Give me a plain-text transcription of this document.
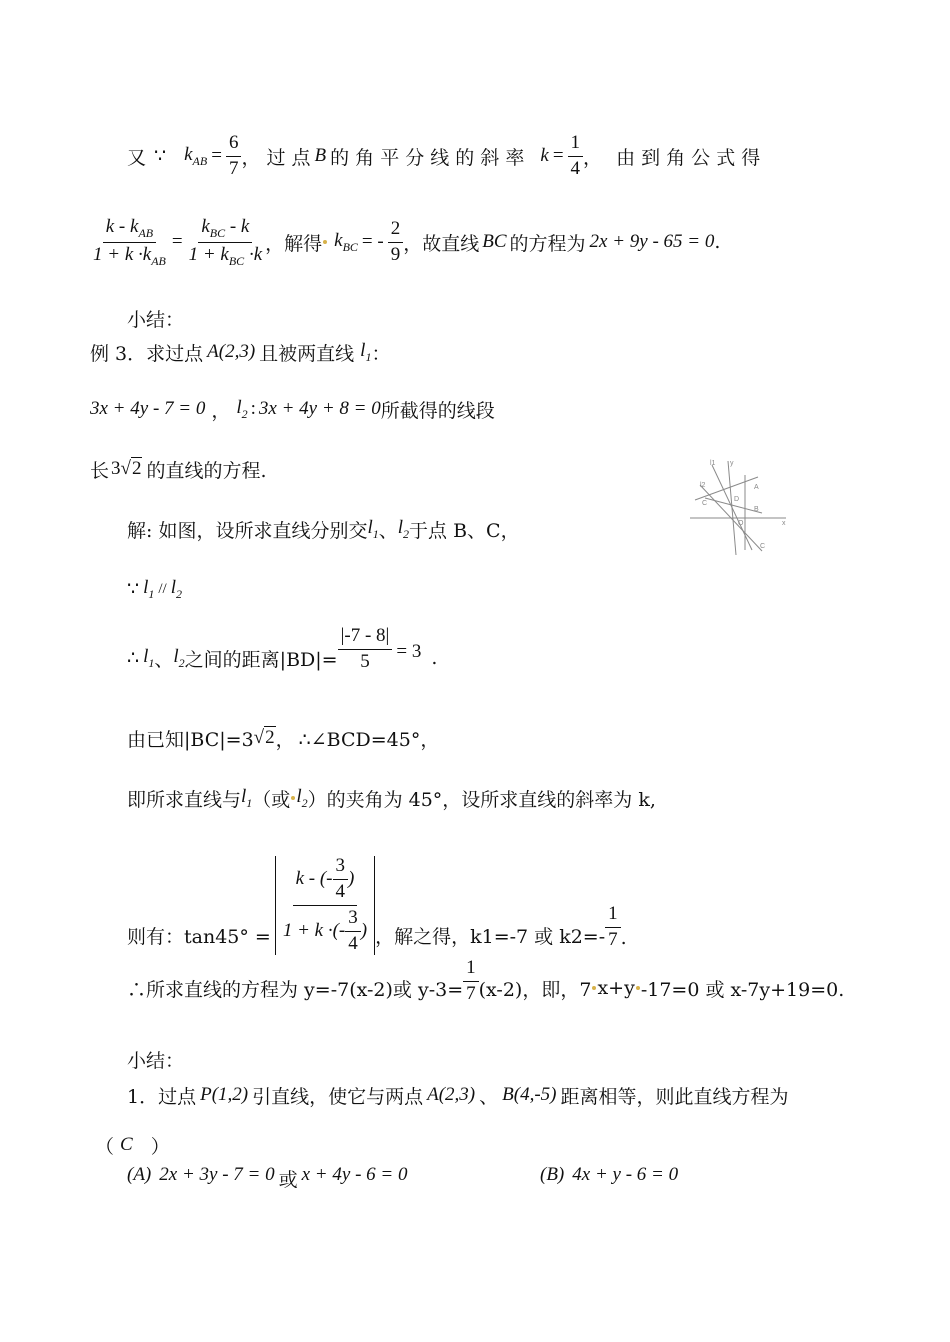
又 ∵ $k_{AB} = \frac{6}{7}$ ， 过 点 B 的 角 平 分 线 的 斜 率 $k = \frac{1}{4}$ ， 由 到 角 公 式 得
$\frac{k - k_{AB}}{1 + k \cdot k_{AB}} = \frac{k_{BC} - k}{1 + k_{BC} \cdot k}$ ，解得 $k_{BC}$ = - $\frac{2}{9}$ ，故直线 BC 的方程为 2x + 9y - 65 = 0 .
小结：
例 3．求过点 A(2,3) 且被两直线 $l_1$ ：
3x + 4y - 7 = 0 ， $l_2$ : 3x + 4y + 8 = 0 所截得的线段
长 3 √2 的直线的方程.	l1
l2
y
x
A
B
C
D
O
C
解: 如图，设所求直线分别交 $l_1$ 、 $l_2$ 于点 B、C，
∵ $l_1 // l_2$
∴ $l_1$ 、 $l_2$ 之间的距离$|BD|= \frac{|-7 - 8|}{5} = 3$ .
由已知|BC|=3 √2 ， ∴∠BCD=45°，
即所求直线与 $l_1$ （或 $l_2$ ）的夹角为 45°，设所求直线的斜率为 k,
则有：$\tan 45^\circ = \frac{k - (- \frac{3}{4} )}{1 + k \cdot(- \frac{3}{4} )}$ ，解之得，k1=-7 或 $k2=- \frac{1}{7}$ .
∴所求直线的方程为 y=-7(x-2)或 $y-3= \frac{1}{7} (x-2)$，即，7 x+y -17=0 或 x-7y+19=0.
小结：
1．过点 P(1,2) 引直线，使它与两点 A(2,3) 、 B(4,-5) 距离相等，则此直线方程为
（ C ）
(A) 2x + 3y - 7 = 0 或 x + 4y - 6 = 0	(B) 4x + y - 6 = 0
